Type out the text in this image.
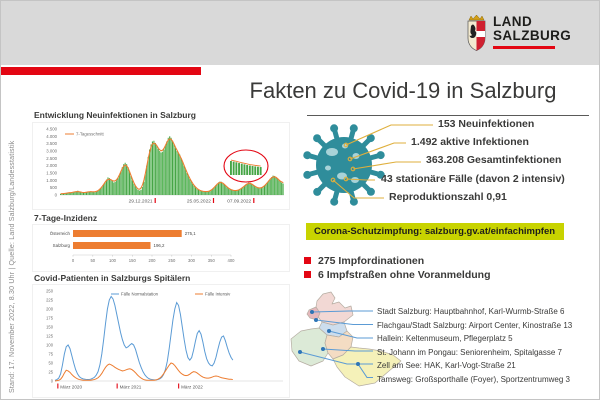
LAND
SALZBURG
Stand: 17. November 2022, 8.30 Uhr | Quelle: Land Salzburg/Landesstatistik
Fakten zu Covid-19 in Salzburg
Entwicklung Neuinfektionen in Salzburg
0
500
1.000
1.500
2.000
2.500
3.000
3.500
4.000
4.500
7-Tagesschnitt
29.12.2021	25.05.2022	07.09.2022
7-Tage-Inzidenz
Österreich	275,1
Salzburg	196,2
0	50	100	150	200	250	300	350	400
Covid-Patienten in Salzburgs Spitälern
0
25
50
75
100
125
150
175
200
225
250
Fälle Normalstation	Fälle Intensiv
März 2020	März 2021	März 2022
153 Neuinfektionen
1.492 aktive Infektionen
363.208 Gesamtinfektionen
43 stationäre Fälle (davon 2 intensiv)
Reproduktionszahl 0,91
Corona-Schutzimpfung: salzburg.gv.at/einfachimpfen
275 Impfordinationen
6 Impfstraßen ohne Voranmeldung
Stadt Salzburg: Hauptbahnhof, Karl-Wurmb-Straße 6
Flachgau/Stadt Salzburg: Airport Center, Kinostraße 13
Hallein: Keltenmuseum, Pflegerplatz 5
St. Johann im Pongau: Seniorenheim, Spitalgasse 7
Zell am See: HAK, Karl-Vogt-Straße 21
Tamsweg: Großsporthalle (Foyer), Sportzentrumweg 3
